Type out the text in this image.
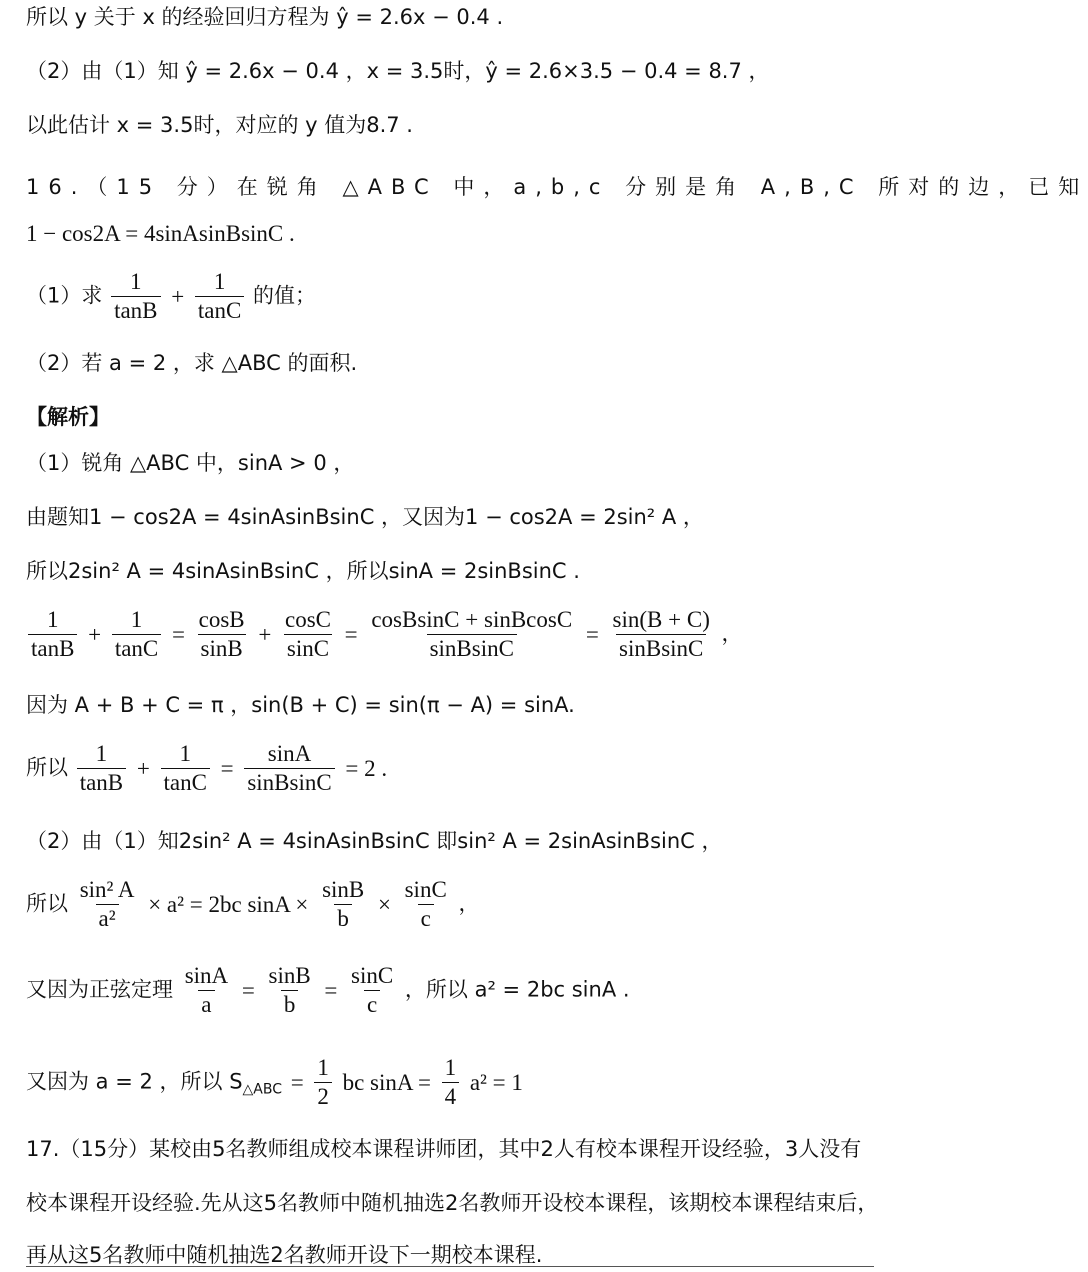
所以 y 关于 x 的经验回归方程为 ŷ = 2.6x − 0.4 .
（2）由（1）知 ŷ = 2.6x − 0.4 ，x = 3.5时，ŷ = 2.6×3.5 − 0.4 = 8.7 ，
以此估计 x = 3.5时，对应的 y 值为8.7 .
16.（15 分）在锐角 △ABC 中，a,b,c 分别是角 A,B,C 所对的边，已知
1 − cos2A = 4sinAsinBsinC .
（1）求 $\frac{1}{\tan B} + \frac{1}{\tan C}$ 的值；
（2）若 a = 2 ，求 △ABC 的面积.
【解析】
（1）锐角 △ABC 中，sinA > 0 ，
由题知1 − cos2A = 4sinAsinBsinC ，又因为1 − cos2A = 2sin² A ，
所以2sin² A = 4sinAsinBsinC ，所以sinA = 2sinBsinC .
$\frac{1}{\tan B} + \frac{1}{\tan C} = \frac{\cos B}{\sin B} + \frac{\cos C}{\sin C} = \frac{\text{cosBsinC + sinBcosC}}{\text{sinBsinC}} = \frac{\sin(B + C)}{\text{sinBsinC}}$ ，
因为 A + B + C = π ，sin(B + C) = sin(π − A) = sinA.
所以 $\frac{1}{\tan B} + \frac{1}{\tan C} = \frac{\sin A}{\text{sinBsinC}} = 2$ .
（2）由（1）知2sin² A = 4sinAsinBsinC 即sin² A = 2sinAsinBsinC ，
所以 $\frac{\text{sin² A}}{\text{a²}} \times a^2 = 2bc$ $\sin A \times \frac{\sin B}{b} \times \frac{\sin C}{c}$ ，
又因为正弦定理 $\frac{\sin A}{a} = \frac{\sin B}{b} = \frac{\sin C}{c}$ ，所以 a² = 2bc sinA .
又因为 a = 2 ，所以 $S_{\triangle ABC} = \frac{1}{2}$ bc $\sin A = \frac{1}{4} a^2 = 1$
17.（15分）某校由5名教师组成校本课程讲师团，其中2人有校本课程开设经验，3人没有
校本课程开设经验.先从这5名教师中随机抽选2名教师开设校本课程，该期校本课程结束后，
再从这5名教师中随机抽选2名教师开设下一期校本课程.
